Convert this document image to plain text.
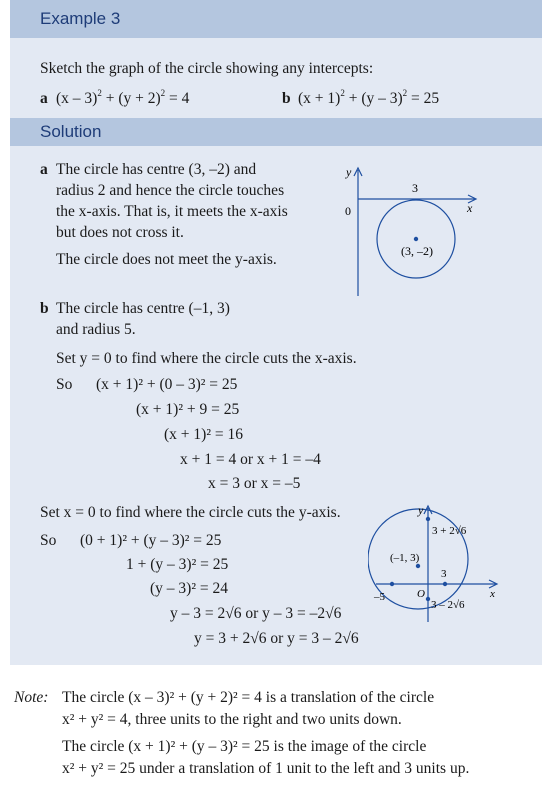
Example 3
Sketch the graph of the circle showing any intercepts:
a $(x - 3)^2 + (y + 2)^2 = 4$	b $(x + 1)^2 + (y - 3)^2 = 25$
Solution
a The circle has centre (3, –2) and
radius 2 and hence the circle touches
the x-axis. That is, it meets the x-axis
but does not cross it.
The circle does not meet the y-axis.
y
x
0
3
(3, –2)
b The circle has centre (–1, 3)
and radius 5.
Set y = 0 to find where the circle cuts the x-axis.
So (x + 1)² + (0 – 3)² = 25
(x + 1)² + 9 = 25
(x + 1)² = 16
x + 1 = 4 or x + 1 = –4
x = 3 or x = –5
Set x = 0 to find where the circle cuts the y-axis.
So (0 + 1)² + (y – 3)² = 25
1 + (y – 3)² = 25
(y – 3)² = 24
y – 3 = 2√6 or y – 3 = –2√6
y = 3 + 2√6 or y = 3 – 2√6
y
x
O
–5
3
(–1, 3)
3 + 2√6
3 – 2√6
Note: The circle (x – 3)² + (y + 2)² = 4 is a translation of the circle
x² + y² = 4, three units to the right and two units down.
The circle (x + 1)² + (y – 3)² = 25 is the image of the circle
x² + y² = 25 under a translation of 1 unit to the left and 3 units up.
